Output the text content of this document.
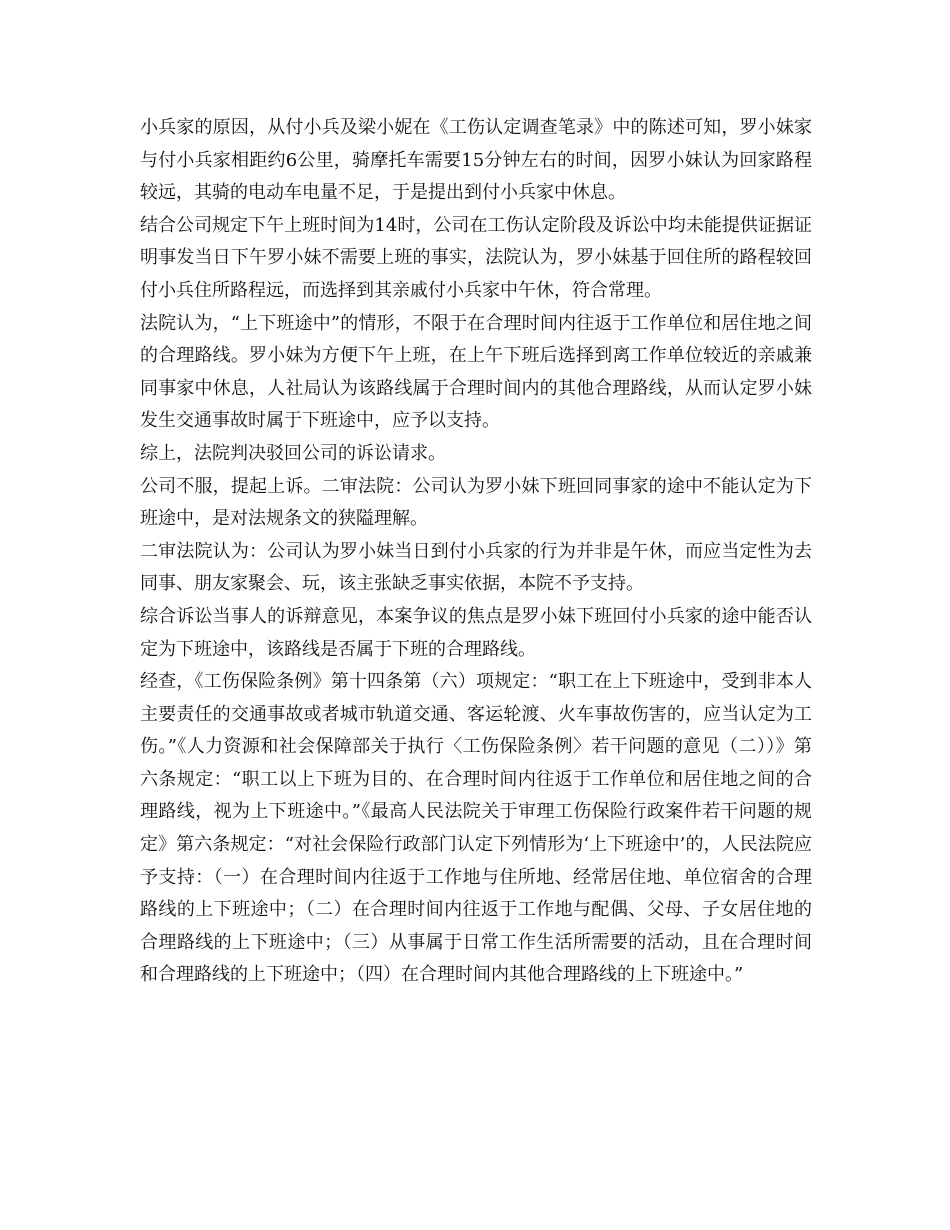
小兵家的原因，从付小兵及梁小妮在《工伤认定调查笔录》中的陈述可知，罗小妹家与付小兵家相距约6公里，骑摩托车需要15分钟左右的时间，因罗小妹认为回家路程较远，其骑的电动车电量不足，于是提出到付小兵家中休息。

结合公司规定下午上班时间为14时，公司在工伤认定阶段及诉讼中均未能提供证据证明事发当日下午罗小妹不需要上班的事实，法院认为，罗小妹基于回住所的路程较回付小兵住所路程远，而选择到其亲戚付小兵家中午休，符合常理。

法院认为，“上下班途中”的情形，不限于在合理时间内往返于工作单位和居住地之间的合理路线。罗小妹为方便下午上班，在上午下班后选择到离工作单位较近的亲戚兼同事家中休息，人社局认为该路线属于合理时间内的其他合理路线，从而认定罗小妹发生交通事故时属于下班途中，应予以支持。

综上，法院判决驳回公司的诉讼请求。

公司不服，提起上诉。二审法院：公司认为罗小妹下班回同事家的途中不能认定为下班途中，是对法规条文的狭隘理解。

二审法院认为：公司认为罗小妹当日到付小兵家的行为并非是午休，而应当定性为去同事、朋友家聚会、玩，该主张缺乏事实依据，本院不予支持。

综合诉讼当事人的诉辩意见，本案争议的焦点是罗小妹下班回付小兵家的途中能否认定为下班途中，该路线是否属于下班的合理路线。

经查，《工伤保险条例》第十四条第（六）项规定：“职工在上下班途中，受到非本人主要责任的交通事故或者城市轨道交通、客运轮渡、火车事故伤害的，应当认定为工伤。”《人力资源和社会保障部关于执行〈工伤保险条例〉若干问题的意见（二））》第六条规定：“职工以上下班为目的、在合理时间内往返于工作单位和居住地之间的合理路线，视为上下班途中。”《最高人民法院关于审理工伤保险行政案件若干问题的规定》第六条规定：“对社会保险行政部门认定下列情形为‘上下班途中’的，人民法院应予支持：（一）在合理时间内往返于工作地与住所地、经常居住地、单位宿舍的合理路线的上下班途中；（二）在合理时间内往返于工作地与配偶、父母、子女居住地的合理路线的上下班途中；（三）从事属于日常工作生活所需要的活动，且在合理时间和合理路线的上下班途中；（四）在合理时间内其他合理路线的上下班途中。”
